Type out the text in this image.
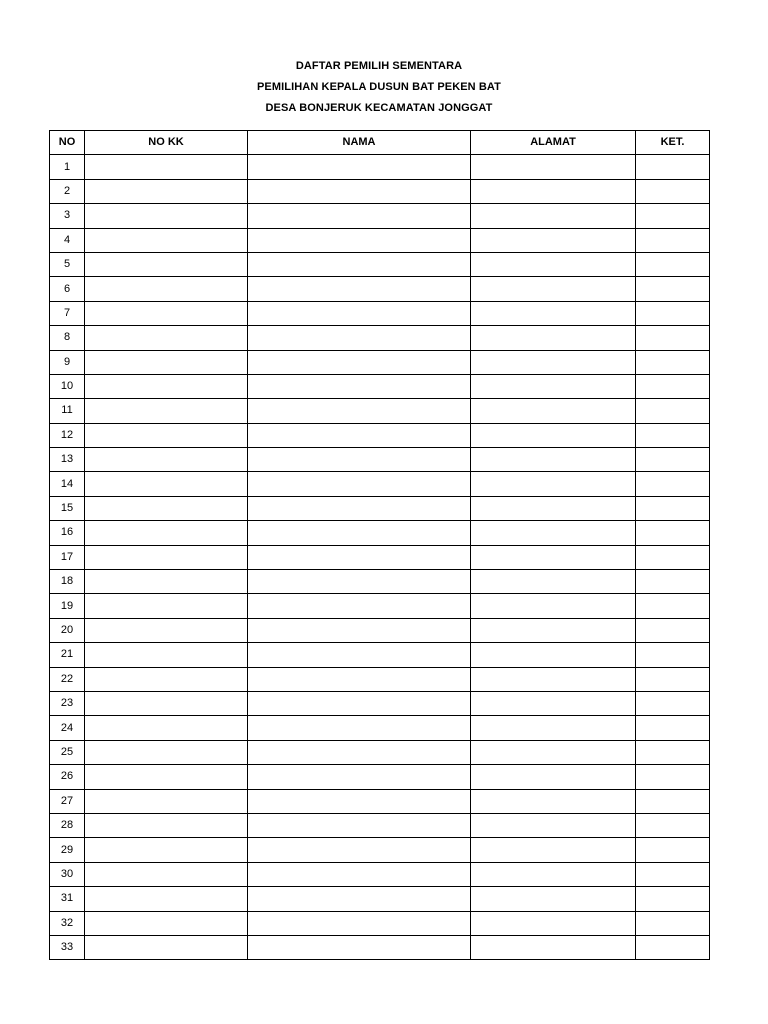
DAFTAR PEMILIH SEMENTARA
PEMILIHAN KEPALA DUSUN BAT PEKEN BAT
DESA BONJERUK KECAMATAN JONGGAT
NO	NO KK	NAMA	ALAMAT	KET.
1				
2				
3				
4				
5				
6				
7				
8				
9				
10				
11				
12				
13				
14				
15				
16				
17				
18				
19				
20				
21				
22				
23				
24				
25				
26				
27				
28				
29				
30				
31				
32				
33				
